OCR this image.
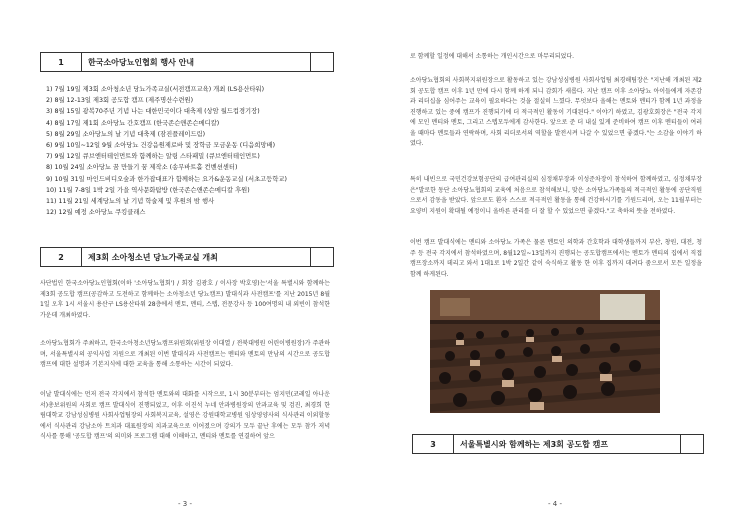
1	한국소아당뇨인협회 행사 안내
1) 7월 19일 제3회 소아청소년 당뇨가족교실(서전캠프교육) 개최 (LS용산타워)
2) 8월 12-13일 제3회 공도합 캠프 (제주명산수련원)
3) 8월 15일 광복70주년 기념 나는 대한민국이다 대축제 (상암 월드컵경기장)
4) 8월 17일 제1회 소아당뇨 간호캠프 (한국존슨앤존슨메디칼)
5) 8월 29일 소아당뇨의 날 기념 대축제 (잠진플레이드림)
6) 9월 10일~12일 9월 소아당뇨 건강음원제로바 및 장학금 모금운동 (디음희망배)
7) 9월 12일 큐브엔터테인먼트와 함께하는 알링 스타패밀 (큐브엔터테인먼트)
8) 10월 24일 소아당뇨 꿈 만들기 꿈 제작소 (송무바트홀 컨벤션센터)
9) 10월 31일 마인드비디오숲과 한가잡대표가 함께하는 요가&운동교실 (서초고등학교)
10) 11월 7-8일 1박 2일 가을 역사문화탐방 (한국존슨앤존슨메디칼 후원)
11) 11월 21일 세계당뇨의 날 기념 학술제 및 후원의 밤 행사
12) 12월 예정 소아당뇨 쿠킹클래스
2	제3회 소아청소년 당뇨가족교실 개최
사단법인 한국소아당뇨인협회(이하 '소아당뇨협회') / 회장 김광호 / 이사장 박호영)는'서울 특별시와 함께하는 제3회 공도합 캠프(공감하고 도전하고 함께하는 소아청소년 당뇨캠프) 발대식과 사전캠프'를 지난 2015년 8월 1일 오후 1시 서울시 용산구 LS용산타워 28층에서 멘토, 멘티, 스텝, 전문강사 등 100여명의 내 외빈이 참석한 가운데 개최하였다.
소아당뇨협회가 주최하고, 한국소아청소년당뇨캠프위원회(위원장 이대열 / 전북대병원 어린이병원장)가 주관하며, 서울특별시의 공익사업 지원으로 개최된 이번 발대식과 사전캠프는 멘티와 멘토의 만남의 시간으로 공도합캠프에 대한 설명과 기본지식에 대한 교육을 통해 소통하는 시간이 되었다.
이날 발대식에는 먼저 전국 각지에서 참석한 멘토와의 대화를 시작으로, 1시 30분부터는 엄지민(코레일 아나운서)총보위원의 사회로 캠프 발대식이 진행되었고, 이후 이진석 누네 안과병원장의 안과교육 및 검진, 최경희 한림대학교 강남성심병원 사회사업팀장의 사회복지교육, 설영은 강원대학교병원 임상영양사의 식사관리 이외할동에서 식사관리 강남소아 트치과 대표원장의 치과교육으로 이어졌으며 강의가 모두 끝난 후에는 모두 참가 저녁식사를 통해 '공도합 캠프'의 의미와 프로그램 대해 이해하고, 멘티와 멘토를 연결하여 앞으
- 3 -
로 함께할 일정에 대해서 소통하는 개인시간으로 마무리되었다.
소아당뇨협회의 사회복지위원장으로 활동하고 있는 강남성심병원 사회사업팀 최경해팀장은 "지난해 개최된 제2회 공도합 캠프 이후 1년 만에 다시 함께 하게 되니 감회가 새롭다. 지난 캠프 이후 소아당뇨 아이들에게 자존감과 리더십을 심어주는 교육이 필요하다는 것을 절실히 느꼈다. 무엇보다 올해는 멘토와 멘티가 함께 1년 과정을 진행하고 있는 중에 캠프가 진행되기에 더 적극적인 활동이 기대된다." 이야기 하였고, 김광호회장은 "전국 각지에 모인 멘티와 멘토, 그리고 스텝모두에게 감사한다. 앞으로 준 더 내실 있게 준비하여 캠프 이후 멘티들이 여러울 때마다 멘토들과 연락하며, 사회 리더로서의 역할을 발전시켜 나갈 수 있었으면 좋겠다."는 소감을 이야기 하였다.
특히 내빈으로 국민건강보험공단의 급여관리실의 심정채부장과 이성준차장이 참석하여 함께하였고, 심정채부장은"발로한 동단 소아당뇨협회의 교육에 처음으로 참석해보니, 맞은 소아당뇨가족들의 적극적인 활동에 공단직원으로서 감동을 받았다. 앞으로도 환자 스스로 적극적인 활동을 통해 건강하시기를 기원드리며, 오는 11월부터는 요양비 지원이 확대될 예정이니 올바른 관리를 더 잘 할 수 있었으면 좋겠다."고 축하의 뜻을 전하였다.
이번 캠프 발대식에는 멘티와 소아당뇨 가족은 물론 멘토인 의학과 간호학과 대학생들까지 부산, 창원, 대전, 청주 등 전국 각지에서 참석하였으며, 8월12일~13일까지 진행되는 공도합캠프에서는 멘토가 멘티의 집에서 직접 캠프장소까지 데리고 와서 1대1로 1박 2일간 같이 숙식하고 활동 한 이후 집까지 데려다 줌으로서 모든 일정을 함께 하게된다.
3	서울특별시와 함께하는 제3회 공도합 캠프
- 4 -
